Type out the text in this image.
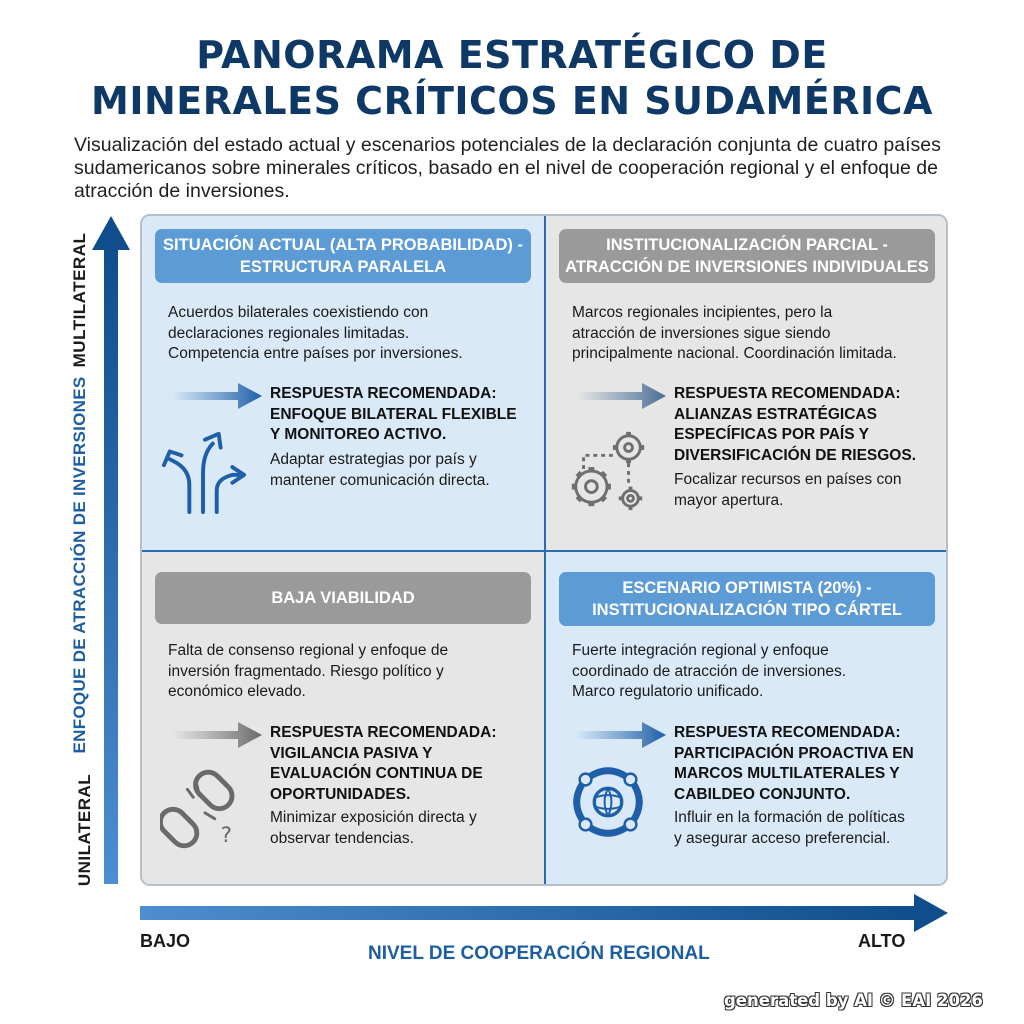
PANORAMA ESTRATÉGICO DE
MINERALES CRÍTICOS EN SUDAMÉRICA
Visualización del estado actual y escenarios potenciales de la declaración conjunta de cuatro países
sudamericanos sobre minerales críticos, basado en el nivel de cooperación regional y el enfoque de
atracción de inversiones.
MULTILATERAL
ENFOQUE DE ATRACCIÓN DE INVERSIONES
UNILATERAL
BAJO	ALTO
NIVEL DE COOPERACIÓN REGIONAL
SITUACIÓN ACTUAL (ALTA PROBABILIDAD) -
ESTRUCTURA PARALELA
Acuerdos bilaterales coexistiendo con
declaraciones regionales limitadas.
Competencia entre países por inversiones.
RESPUESTA RECOMENDADA:
ENFOQUE BILATERAL FLEXIBLE
Y MONITOREO ACTIVO.
Adaptar estrategias por país y
mantener comunicación directa.
INSTITUCIONALIZACIÓN PARCIAL -
ATRACCIÓN DE INVERSIONES INDIVIDUALES
Marcos regionales incipientes, pero la
atracción de inversiones sigue siendo
principalmente nacional. Coordinación limitada.
RESPUESTA RECOMENDADA:
ALIANZAS ESTRATÉGICAS
ESPECÍFICAS POR PAÍS Y
DIVERSIFICACIÓN DE RIESGOS.
Focalizar recursos en países con
mayor apertura.
BAJA VIABILIDAD
Falta de consenso regional y enfoque de
inversión fragmentado. Riesgo político y
económico elevado.
RESPUESTA RECOMENDADA:
VIGILANCIA PASIVA Y
EVALUACIÓN CONTINUA DE
OPORTUNIDADES.
Minimizar exposición directa y
observar tendencias.
?
ESCENARIO OPTIMISTA (20%) -
INSTITUCIONALIZACIÓN TIPO CÁRTEL
Fuerte integración regional y enfoque
coordinado de atracción de inversiones.
Marco regulatorio unificado.
RESPUESTA RECOMENDADA:
PARTICIPACIÓN PROACTIVA EN
MARCOS MULTILATERALES Y
CABILDEO CONJUNTO.
Influir en la formación de políticas
y asegurar acceso preferencial.
generated by AI © EAI 2026
